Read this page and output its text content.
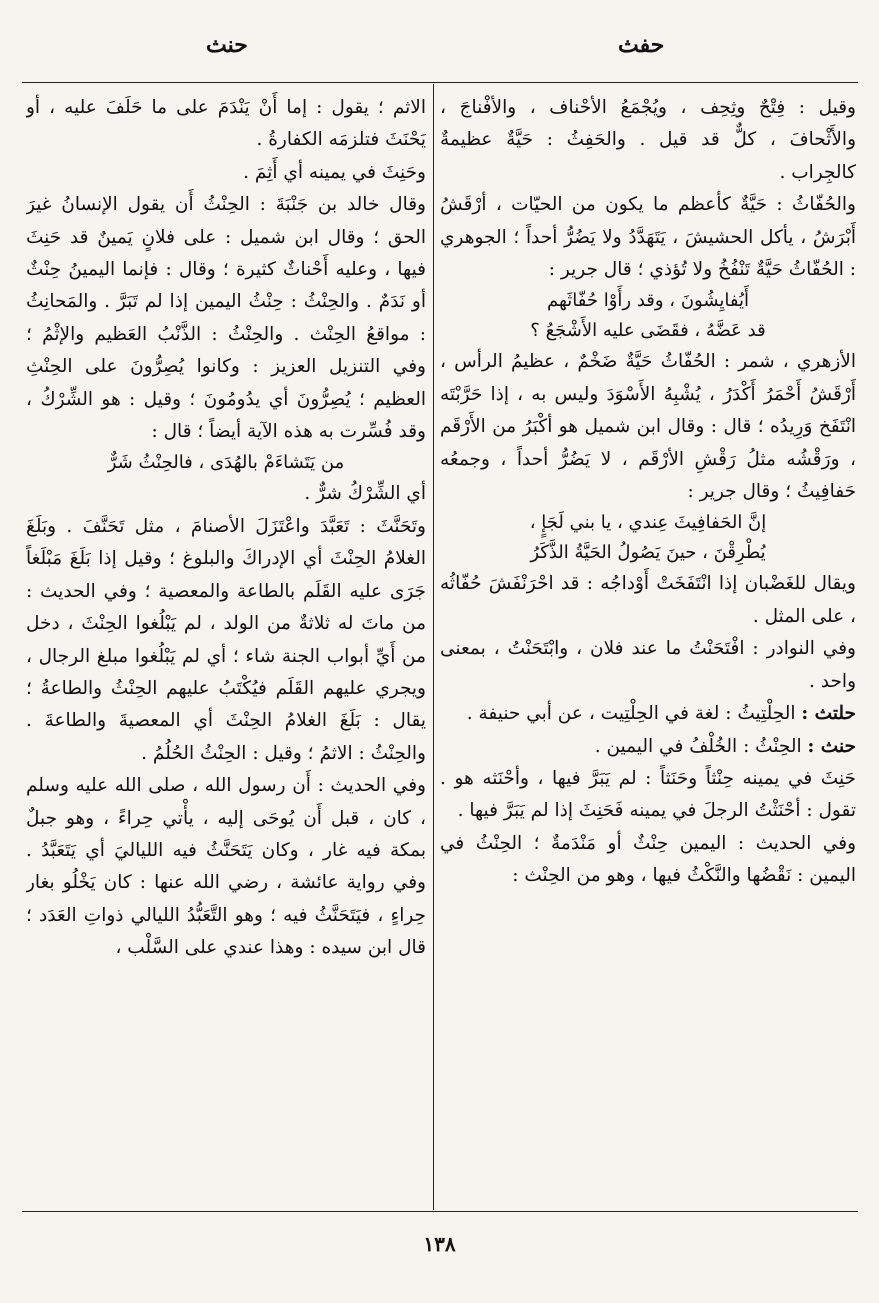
حفث
حنث

وقيل : فِتْحٌ وثِحِف ، ويُجْمَعُ الأحْناف ، والأفْناجَ ، والأَثْحافَ ، كلٌّ قد قيل . والحَفِثُ : حَيَّةٌ عظيمةٌ كالجِراب .

والحُفّاثُ : حَيَّةٌ كأعظم ما يكون من الحيّات ، أرْقَشُ أَبْرَشُ ، يأكل الحشيشَ ، يَتَهَدَّدُ ولا يَضُرُّ أحداً ؛ الجوهري : الحُفّاثُ حَيَّةٌ تَنْفُخُ ولا تُؤذي ؛ قال جرير :

أَيُفايِشُونَ ، وقد رأَوْا حُفّاثَهم

قد عَضَّهُ ، فقَضَى عليه الأَشْجَعُ ؟

الأزهري ، شمر : الحُفّاثُ حَيَّةٌ ضَخْمٌ ، عظيمُ الرأس ، أَرْقَشُ أَحْمَرُ أَكْدَرُ ، يُشْبِهُ الأَسْوَدَ وليس به ، إذا حَرَّبْتَه انْتَفَخ وَرِيدُه ؛ قال : وقال ابن شميل هو أكْبَرُ من الأَرْقَم ، ورَقْشُه مثلُ رَقْشِ الأرْقَم ، لا يَضُرُّ أحداً ، وجمعُه حَفافِيثُ ؛ وقال جرير :

إنَّ الحَفافِيثَ عِندي ، يا بني لَجَإٍ ،

يُطْرِقْنَ ، حينَ يَصُولُ الحَيَّةُ الذَّكَرُ

ويقال للغَضْبان إذا انْتَفَخَتْ أَوْداجُه : قد احْرَنْفَشَ حُفّاثُه ، على المثل .

وفي النوادر : افْتَحَنْتُ ما عند فلان ، وابْتَحَنْتُ ، بمعنى واحد .

حلتث : الحِلْتِيثُ : لغة في الحِلْتِيت ، عن أبي حنيفة .

حنث : الحِنْثُ : الخُلْفُ في اليمين .

حَنِثَ في يمينه حِنْثاً وحَنَثاً : لم يَبَرَّ فيها ، وأحْنَثه هو . تقول : أحْنَثْتُ الرجلَ في يمينه فَحَنِثَ إذا لم يَبَرَّ فيها .

وفي الحديث : اليمين حِنْثٌ أو مَنْدَمةٌ ؛ الحِنْثُ في اليمين : نَقْضُها والنَّكْثُ فيها ، وهو من الحِنْث :

الاثم ؛ يقول : إما أَنْ يَنْدَمَ على ما حَلَفَ عليه ، أو يَحْنَثَ فتلزمَه الكفارةُ .

وحَنِثَ في يمينه أي أَثِمَ .

وقال خالد بن جَنْبَةَ : الحِنْثُ أَن يقول الإنسانُ غيرَ الحق ؛ وقال ابن شميل : على فلانٍ يَمينٌ قد حَنِثَ فيها ، وعليه أَحْناثٌ كثيرة ؛ وقال : فإنما اليمينُ حِنْثٌ أو نَدَمٌ . والحِنْثُ : حِنْثُ اليمين إذا لم تَبَرَّ . والمَحانِثُ : مواقعُ الحِنْث . والحِنْثُ : الذَّنْبُ العَظيم والإثْمُ ؛ وفي التنزيل العزيز : وكانوا يُصِرُّونَ على الحِنْثِ العظيم ؛ يُصِرُّونَ أي يدُومُونَ ؛ وقيل : هو الشِّرْكُ ، وقد فُسِّرت به هذه الآية أيضاً ؛ قال :

من يَتَشاءَمْ بالهُدَى ، فالحِنْثُ شَرٌّ

أي الشِّرْكُ شرٌّ .

وتَحَنَّثَ : تَعَبَّدَ واعْتَزَلَ الأصنامَ ، مثل تَحَنَّفَ . وبَلَغَ الغلامُ الحِنْثَ أي الإدراكَ والبلوغ ؛ وقيل إذا بَلَغَ مَبْلَغاً جَرَى عليه القَلَم بالطاعة والمعصية ؛ وفي الحديث : من ماتَ له ثلاثةٌ من الولد ، لم يَبْلُغوا الحِنْثَ ، دخل من أَيِّ أبواب الجنة شاء ؛ أي لم يَبْلُغوا مبلغ الرجال ، ويجري عليهم القَلَم فيُكْتَبُ عليهم الحِنْثُ والطاعةُ ؛ يقال : بَلَغَ الغلامُ الحِنْثَ أي المعصيةَ والطاعةَ . والحِنْثُ : الاثمُ ؛ وقيل : الحِنْثُ الحُلُمُ .

وفي الحديث : أَن رسول الله ، صلى الله عليه وسلم ، كان ، قبل أَن يُوحَى إليه ، يأْتي حِراءً ، وهو جبلٌ بمكة فيه غار ، وكان يَتَحَنَّثُ فيه اللياليَ أي يَتَعَبَّدُ . وفي رواية عائشة ، رضي الله عنها : كان يَخْلُو بغار حِراءٍ ، فيَتَحَنَّثُ فيه ؛ وهو التَّعَبُّدُ الليالي ذواتِ العَدَد ؛ قال ابن سيده : وهذا عندي على السَّلْب ،

١٣٨
